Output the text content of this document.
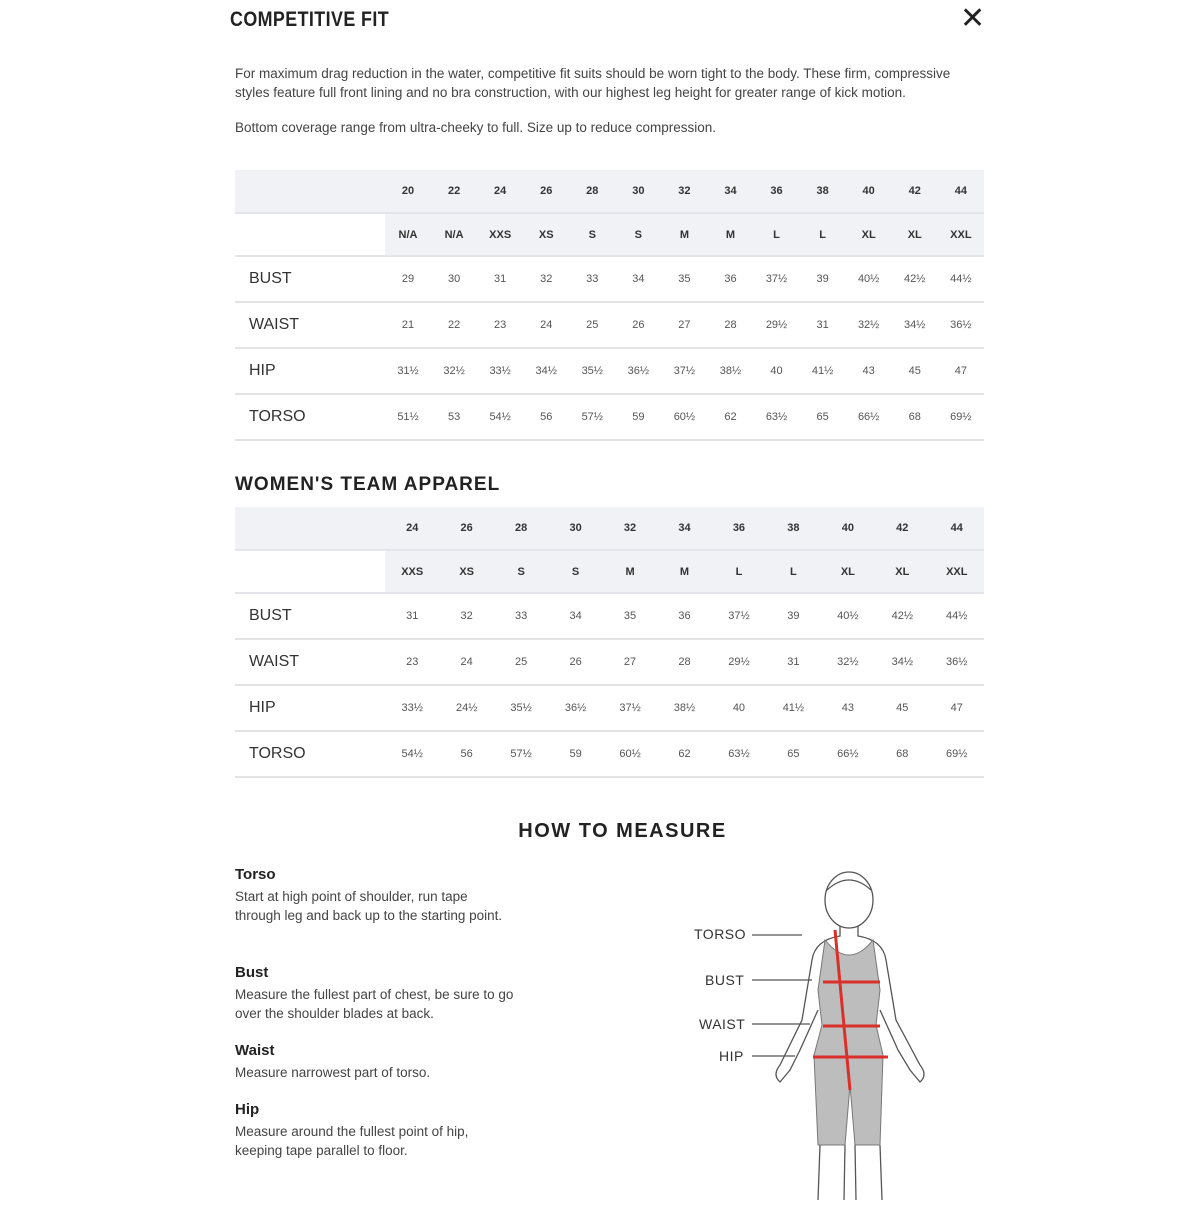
COMPETITIVE FIT	✕

For maximum drag reduction in the water, competitive fit suits should be worn tight to the body. These firm, compressive styles feature full front lining and no bra construction, with our highest leg height for greater range of kick motion.

Bottom coverage range from ultra-cheeky to full. Size up to reduce compression.

	20	22	24	26	28	30	32	34	36	38	40	42	44
	N/A	N/A	XXS	XS	S	S	M	M	L	L	XL	XL	XXL
BUST	29	30	31	32	33	34	35	36	37½	39	40½	42½	44½
WAIST	21	22	23	24	25	26	27	28	29½	31	32½	34½	36½
HIP	31½	32½	33½	34½	35½	36½	37½	38½	40	41½	43	45	47
TORSO	51½	53	54½	56	57½	59	60½	62	63½	65	66½	68	69½
WOMEN'S TEAM APPAREL
	24	26	28	30	32	34	36	38	40	42	44
	XXS	XS	S	S	M	M	L	L	XL	XL	XXL
BUST	31	32	33	34	35	36	37½	39	40½	42½	44½
WAIST	23	24	25	26	27	28	29½	31	32½	34½	36½
HIP	33½	24½	35½	36½	37½	38½	40	41½	43	45	47
TORSO	54½	56	57½	59	60½	62	63½	65	66½	68	69½
HOW TO MEASURE
Torso

Start at high point of shoulder, run tape through leg and back up to the starting point.

Bust

Measure the fullest part of chest, be sure to go over the shoulder blades at back.

Waist

Measure narrowest part of torso.

Hip

Measure around the fullest point of hip, keeping tape parallel to floor.

TORSO
BUST
WAIST
HIP
